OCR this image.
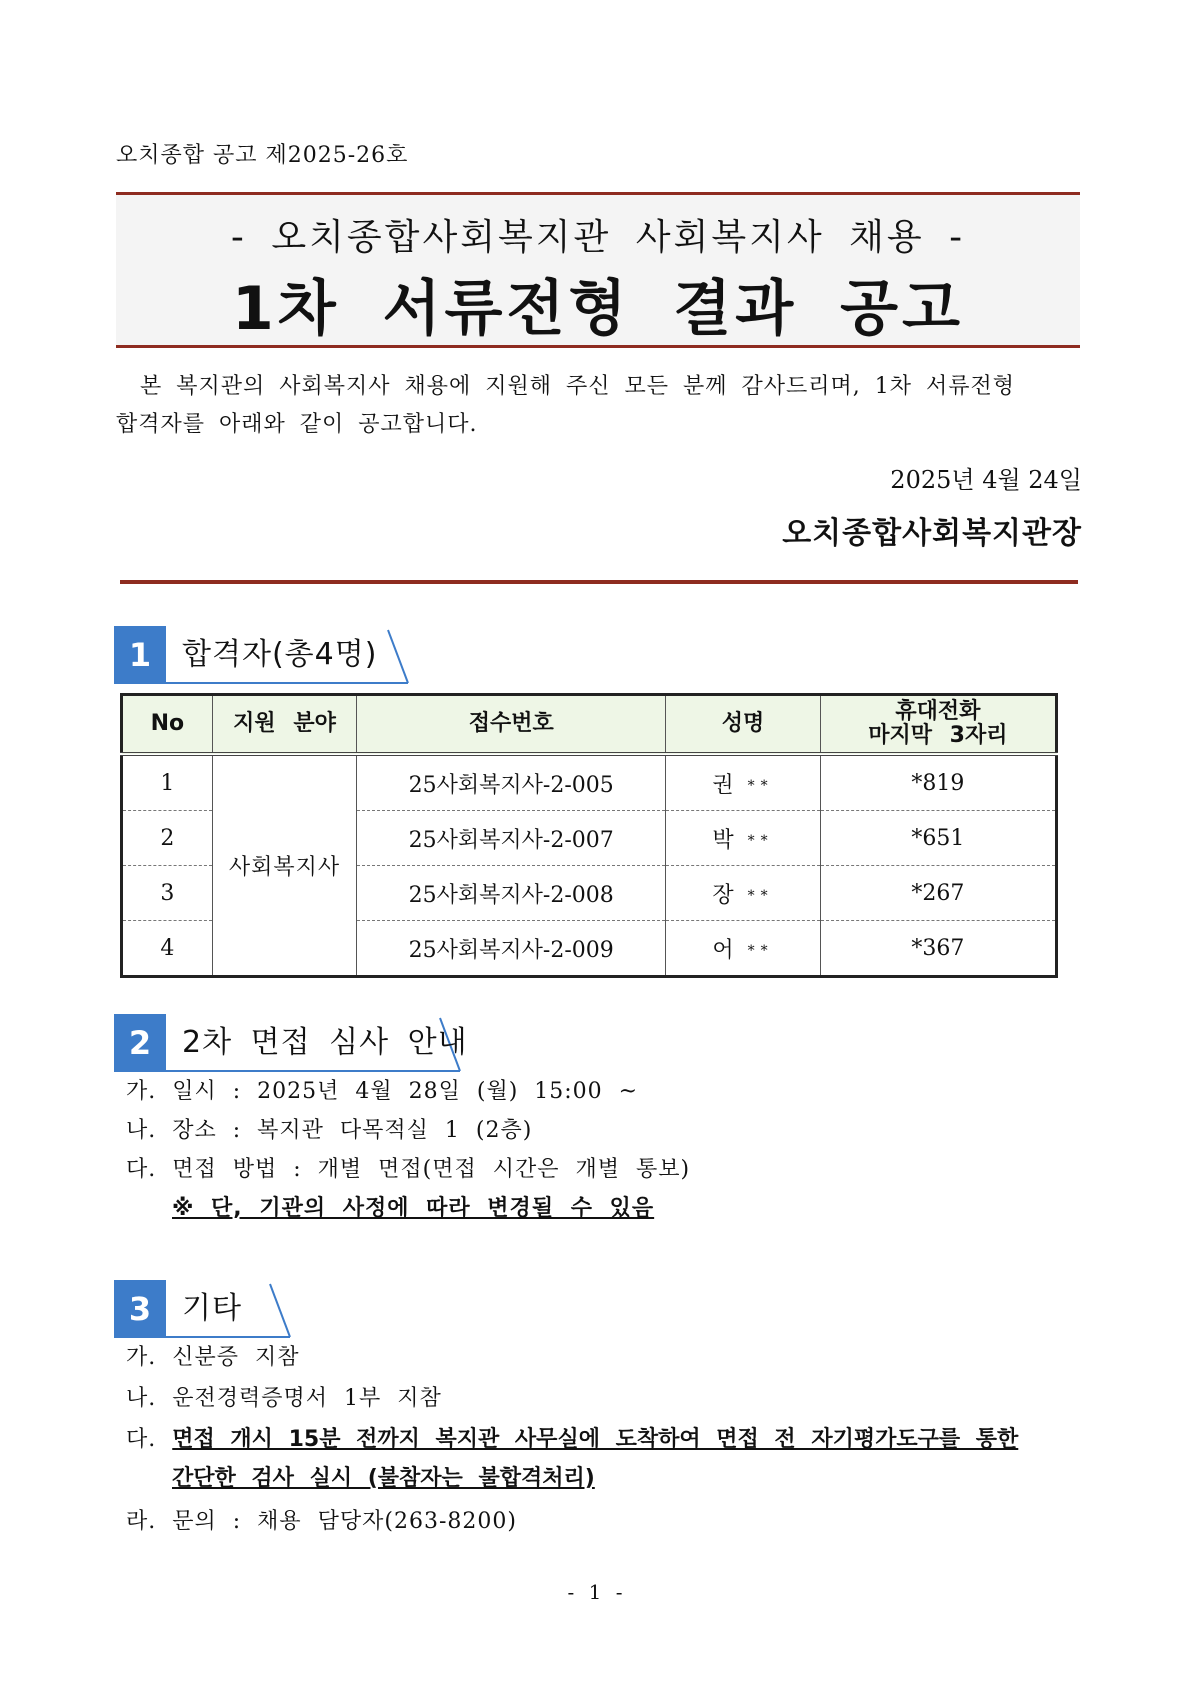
오치종합 공고 제2025-26호
- 오치종합사회복지관 사회복지사 채용 -
1차 서류전형 결과 공고
본 복지관의 사회복지사 채용에 지원해 주신 모든 분께 감사드리며, 1차 서류전형
합격자를 아래와 같이 공고합니다.
2025년 4월 24일
오치종합사회복지관장
1	합격자(총4명)
No	지원 분야	접수번호	성명	휴대전화
마지막 3자리
1	사회복지사	25사회복지사-2-005	권 **	*819
2		25사회복지사-2-007	박 **	*651
3		25사회복지사-2-008	장 **	*267
4		25사회복지사-2-009	어 **	*367
2	2차 면접 심사 안내
가. 일시 : 2025년 4월 28일 (월) 15:00 ~
나. 장소 : 복지관 다목적실 1 (2층)
다. 면접 방법 : 개별 면접(면접 시간은 개별 통보)
※ 단, 기관의 사정에 따라 변경될 수 있음
3	기타
가. 신분증 지참
나. 운전경력증명서 1부 지참
다. 면접 개시 15분 전까지 복지관 사무실에 도착하여 면접 전 자기평가도구를 통한
간단한 검사 실시 (불참자는 불합격처리)
라. 문의 : 채용 담당자(263-8200)
- 1 -
